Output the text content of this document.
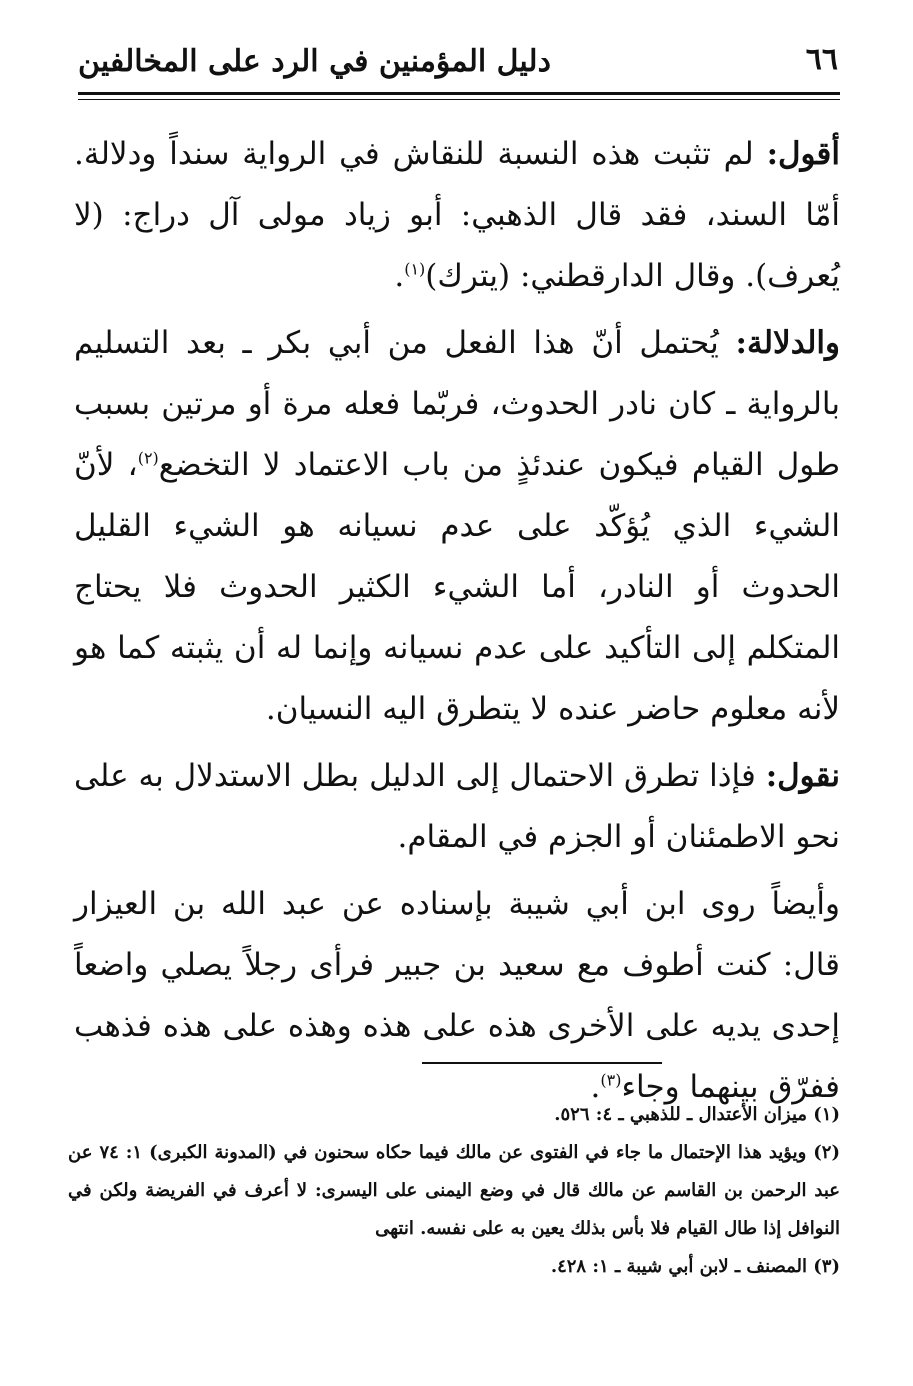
٦٦
دليل المؤمنين في الرد على المخالفين

أقول: لم تثبت هذه النسبة للنقاش في الرواية سنداً ودلالة. أمّا السند، فقد قال الذهبي: أبو زياد مولى آل دراج: (لا يُعرف). وقال الدارقطني: (يترك)$^{(١)}$.

والدلالة: يُحتمل أنّ هذا الفعل من أبي بكر ـ بعد التسليم بالرواية ـ كان نادر الحدوث، فربّما فعله مرة أو مرتين بسبب طول القيام فيكون عندئذٍ من باب الاعتماد لا التخضع$^{(٢)}$، لأنّ الشيء الذي يُؤكّد على عدم نسيانه هو الشيء القليل الحدوث أو النادر، أما الشيء الكثير الحدوث فلا يحتاج المتكلم إلى التأكيد على عدم نسيانه وإنما له أن يثبته كما هو لأنه معلوم حاضر عنده لا يتطرق اليه النسيان.

نقول: فإذا تطرق الاحتمال إلى الدليل بطل الاستدلال به على نحو الاطمئنان أو الجزم في المقام.

وأيضاً روى ابن أبي شيبة بإسناده عن عبد الله بن العيزار قال: كنت أطوف مع سعيد بن جبير فرأى رجلاً يصلي واضعاً إحدى يديه على الأخرى هذه على هذه وهذه على هذه فذهب ففرّق بينهما وجاء$^{(٣)}$.

(١) ميزان الأعتدال ـ للذهبي ـ ٤: ٥٢٦.

(٢) ويؤيد هذا الإحتمال ما جاء في الفتوى عن مالك فيما حكاه سحنون في (المدونة الكبرى) ١: ٧٤ عن عبد الرحمن بن القاسم عن مالك قال في وضع اليمنى على اليسرى: لا أعرف في الفريضة ولكن في النوافل إذا طال القيام فلا بأس بذلك يعين به على نفسه. انتهى

(٣) المصنف ـ لابن أبي شيبة ـ ١: ٤٢٨.
